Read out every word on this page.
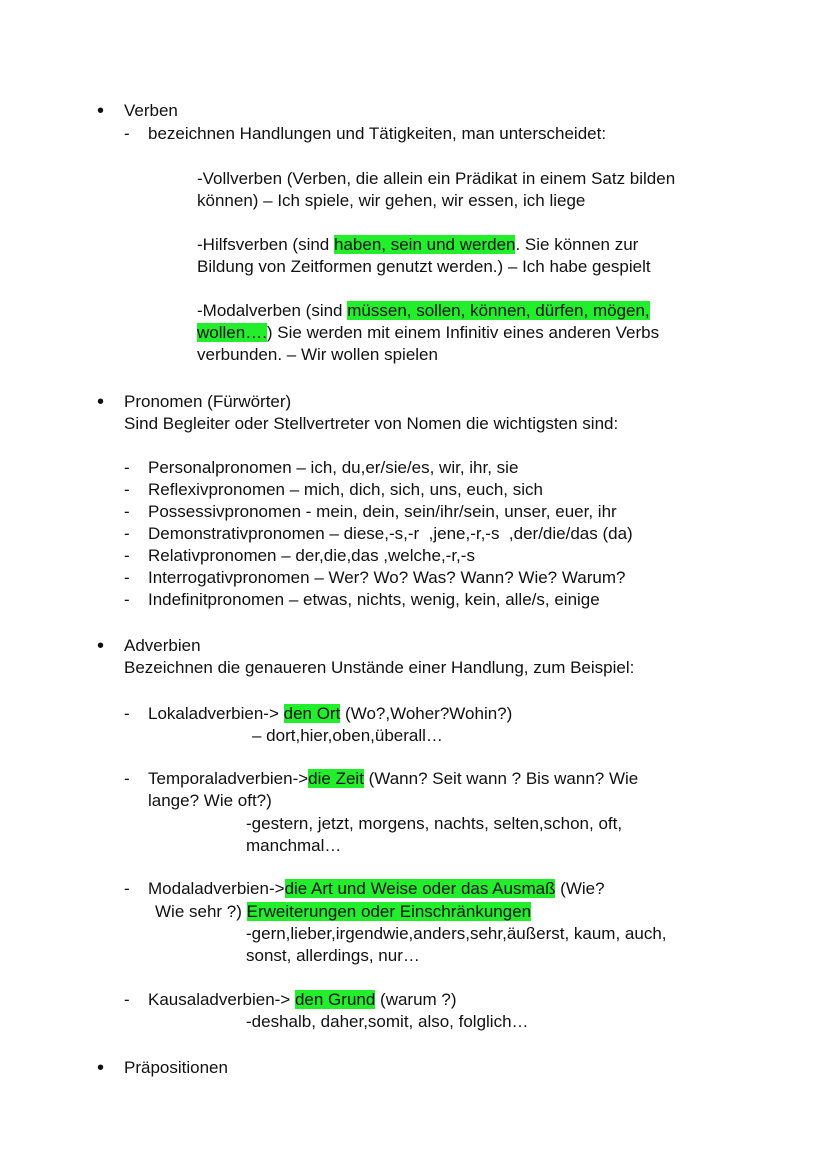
• Verben
- bezeichnen Handlungen und Tätigkeiten, man unterscheidet:
-Vollverben (Verben, die allein ein Prädikat in einem Satz bilden
können) – Ich spiele, wir gehen, wir essen, ich liege
-Hilfsverben (sind haben, sein und werden. Sie können zur
Bildung von Zeitformen genutzt werden.) – Ich habe gespielt
-Modalverben (sind müssen, sollen, können, dürfen, mögen,
wollen….) Sie werden mit einem Infinitiv eines anderen Verbs
verbunden. – Wir wollen spielen
• Pronomen (Fürwörter)
Sind Begleiter oder Stellvertreter von Nomen die wichtigsten sind:
- Personalpronomen – ich, du,er/sie/es, wir, ihr, sie
- Reflexivpronomen – mich, dich, sich, uns, euch, sich
- Possessivpronomen - mein, dein, sein/ihr/sein, unser, euer, ihr
- Demonstrativpronomen – diese,-s,-r  ,jene,-r,-s  ,der/die/das (da)
- Relativpronomen – der,die,das ,welche,-r,-s
- Interrogativpronomen – Wer? Wo? Was? Wann? Wie? Warum?
- Indefinitpronomen – etwas, nichts, wenig, kein, alle/s, einige
• Adverbien
Bezeichnen die genaueren Unstände einer Handlung, zum Beispiel:
- Lokaladverbien-> den Ort (Wo?,Woher?Wohin?)
– dort,hier,oben,überall…
- Temporaladverbien->die Zeit (Wann? Seit wann ? Bis wann? Wie
lange? Wie oft?)
-gestern, jetzt, morgens, nachts, selten,schon, oft,
manchmal…
- Modaladverbien->die Art und Weise oder das Ausmaß (Wie?
Wie sehr ?) Erweiterungen oder Einschränkungen
-gern,lieber,irgendwie,anders,sehr,äußerst, kaum, auch,
sonst, allerdings, nur…
- Kausaladverbien-> den Grund (warum ?)
-deshalb, daher,somit, also, folglich…
• Präpositionen
